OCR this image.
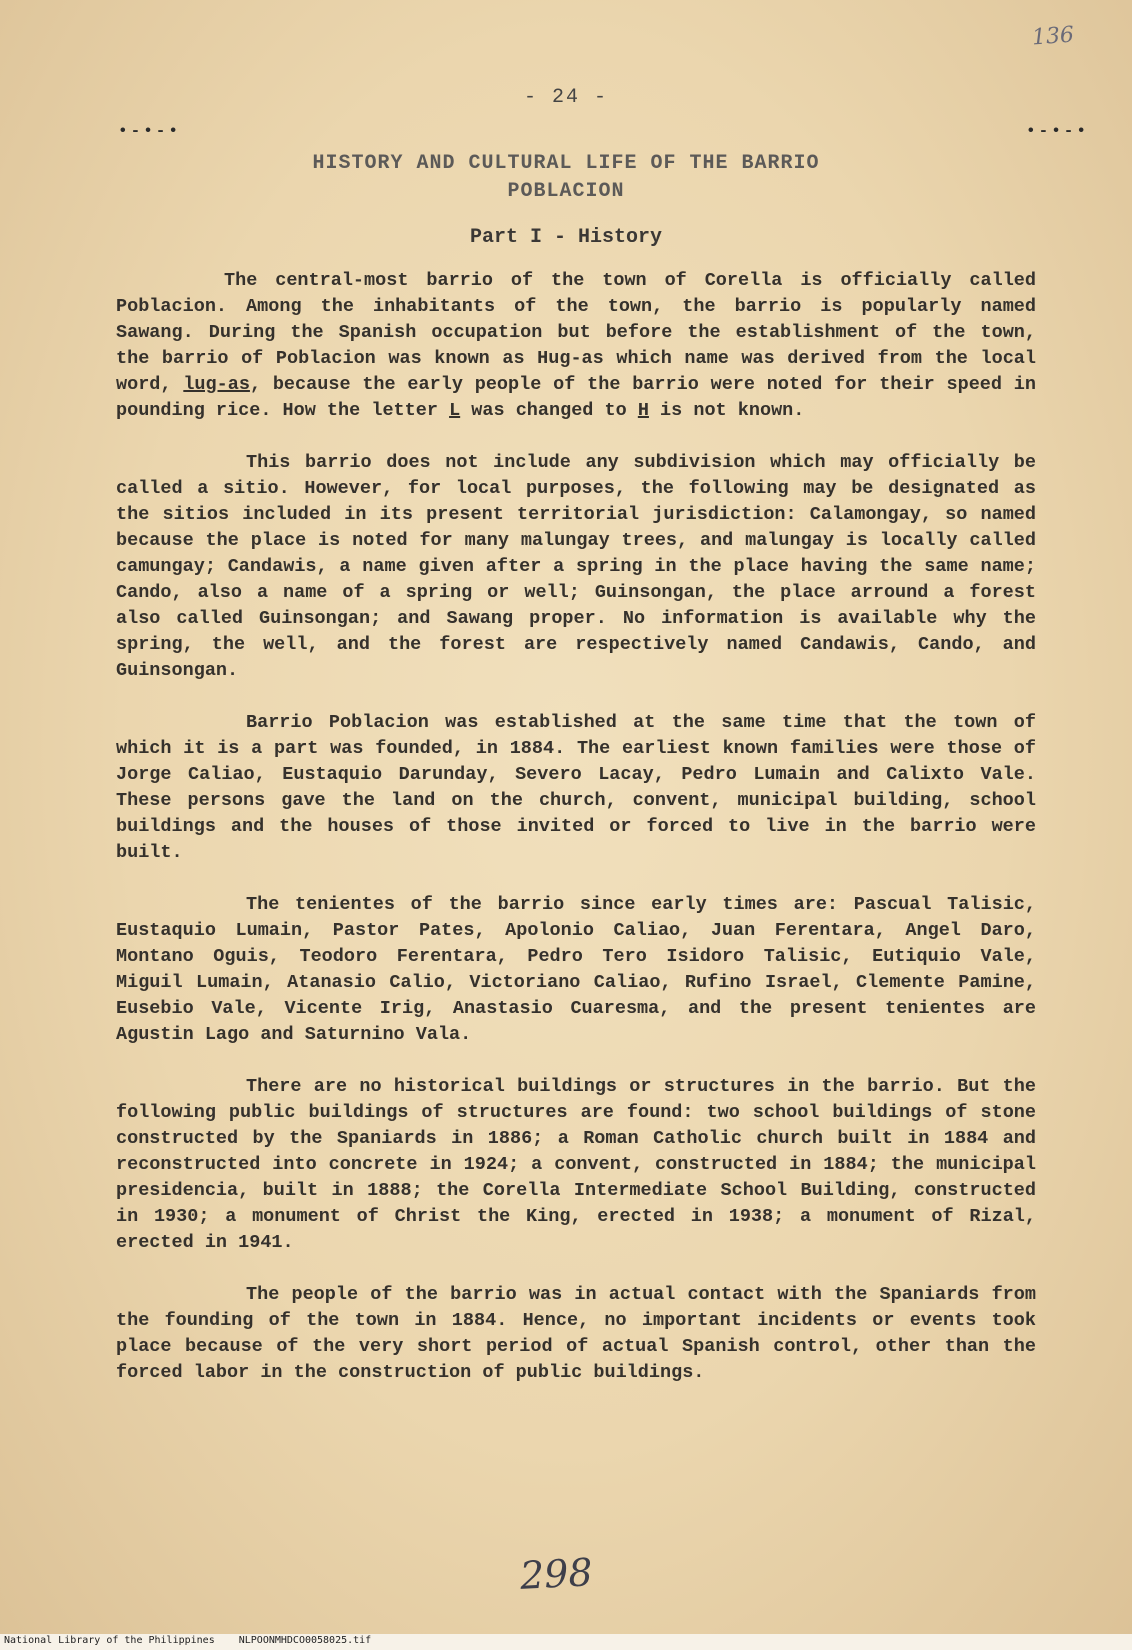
136
- 24 -
•-•-•	•-•-•
HISTORY AND CULTURAL LIFE OF THE BARRIO
POBLACION
Part I - History

The central-most barrio of the town of Corella is officially called Poblacion. Among the inhabitants of the town, the barrio is popularly named Sawang. During the Spanish occupation but before the establishment of the town, the barrio of Poblacion was known as Hug-as which name was derived from the local word, lug-as, because the early people of the barrio were noted for their speed in pounding rice. How the letter L was changed to H is not known.

This barrio does not include any subdivision which may officially be called a sitio. However, for local purposes, the following may be designated as the sitios included in its present territorial jurisdiction: Calamongay, so named because the place is noted for many malungay trees, and malungay is locally called camungay; Candawis, a name given after a spring in the place having the same name; Cando, also a name of a spring or well; Guinsongan, the place arround a forest also called Guinsongan; and Sawang proper. No information is available why the spring, the well, and the forest are respectively named Candawis, Cando, and Guinsongan.

Barrio Poblacion was established at the same time that the town of which it is a part was founded, in 1884. The earliest known families were those of Jorge Caliao, Eustaquio Darunday, Severo Lacay, Pedro Lumain and Calixto Vale. These persons gave the land on the church, convent, municipal building, school buildings and the houses of those invited or forced to live in the barrio were built.

The tenientes of the barrio since early times are: Pascual Talisic, Eustaquio Lumain, Pastor Pates, Apolonio Caliao, Juan Ferentara, Angel Daro, Montano Oguis, Teodoro Ferentara, Pedro Tero Isidoro Talisic, Eutiquio Vale, Miguil Lumain, Atanasio Calio, Victoriano Caliao, Rufino Israel, Clemente Pamine, Eusebio Vale, Vicente Irig, Anastasio Cuaresma, and the present tenientes are Agustin Lago and Saturnino Vala.

There are no historical buildings or structures in the barrio. But the following public buildings of structures are found: two school buildings of stone constructed by the Spaniards in 1886; a Roman Catholic church built in 1884 and reconstructed into concrete in 1924; a convent, constructed in 1884; the municipal presidencia, built in 1888; the Corella Intermediate School Building, constructed in 1930; a monument of Christ the King, erected in 1938; a monument of Rizal, erected in 1941.

The people of the barrio was in actual contact with the Spaniards from the founding of the town in 1884. Hence, no important incidents or events took place because of the very short period of actual Spanish control, other than the forced labor in the construction of public buildings.

298
National Library of the Philippines NLPOONMHDCO0058025.tif
